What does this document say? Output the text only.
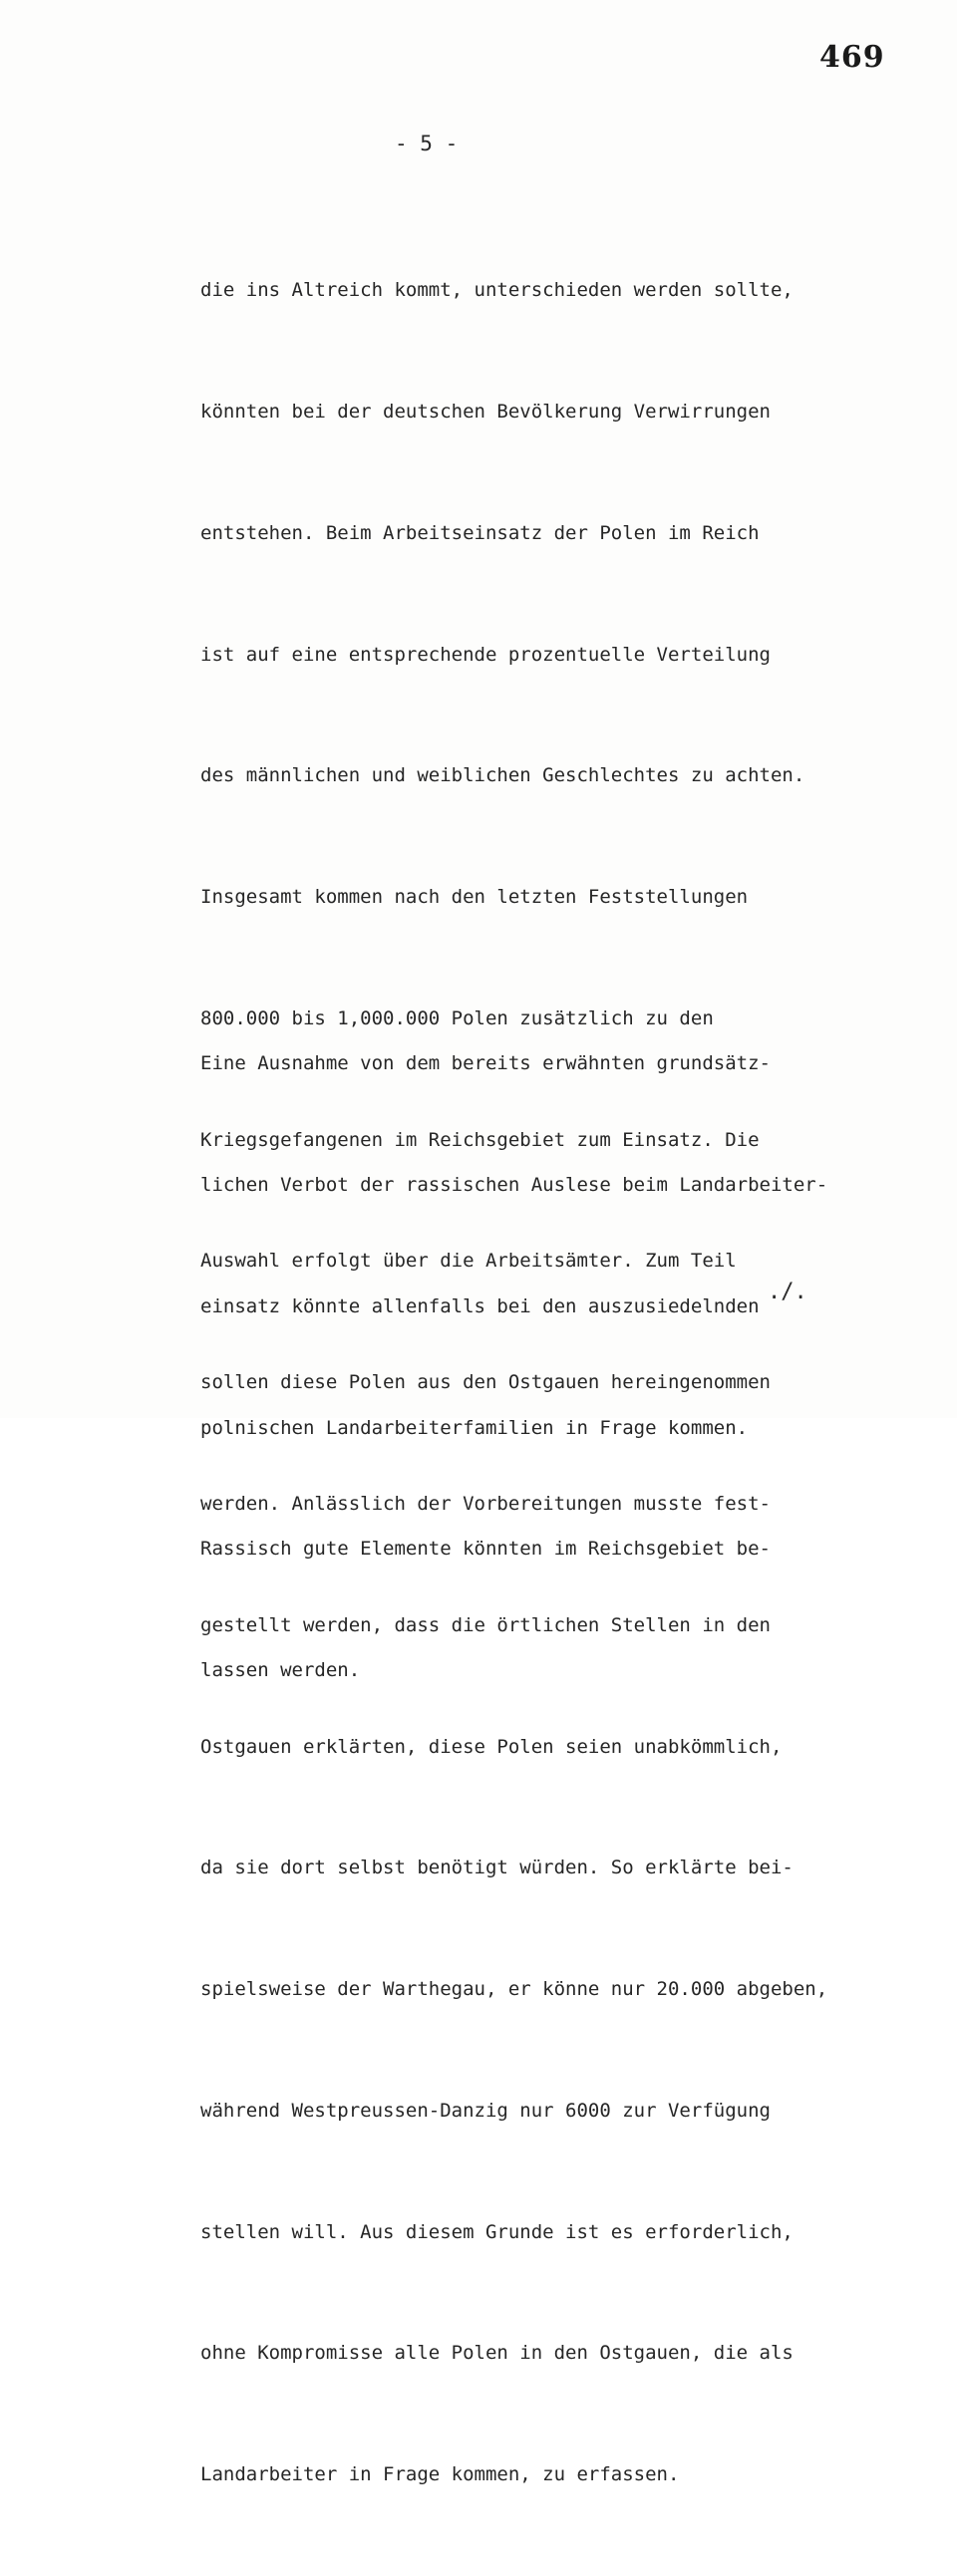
469
- 5 -

die ins Altreich kommt, unterschieden werden sollte,

könnten bei der deutschen Bevölkerung Verwirrungen

entstehen. Beim Arbeitseinsatz der Polen im Reich

ist auf eine entsprechende prozentuelle Verteilung

des männlichen und weiblichen Geschlechtes zu achten.

Insgesamt kommen nach den letzten Feststellungen

800.000 bis 1,000.000 Polen zusätzlich zu den

Kriegsgefangenen im Reichsgebiet zum Einsatz. Die

Auswahl erfolgt über die Arbeitsämter. Zum Teil

sollen diese Polen aus den Ostgauen hereingenommen

werden. Anlässlich der Vorbereitungen musste fest-

gestellt werden, dass die örtlichen Stellen in den

Ostgauen erklärten, diese Polen seien unabkömmlich,

da sie dort selbst benötigt würden. So erklärte bei-

spielsweise der Warthegau, er könne nur 20.000 abgeben,

während Westpreussen-Danzig nur 6000 zur Verfügung

stellen will. Aus diesem Grunde ist es erforderlich,

ohne Kompromisse alle Polen in den Ostgauen, die als

Landarbeiter in Frage kommen, zu erfassen.

Eine Ausnahme von dem bereits erwähnten grundsätz-

lichen Verbot der rassischen Auslese beim Landarbeiter-

einsatz könnte allenfalls bei den auszusiedelnden

polnischen Landarbeiterfamilien in Frage kommen.

Rassisch gute Elemente könnten im Reichsgebiet be-

lassen werden.

./.
